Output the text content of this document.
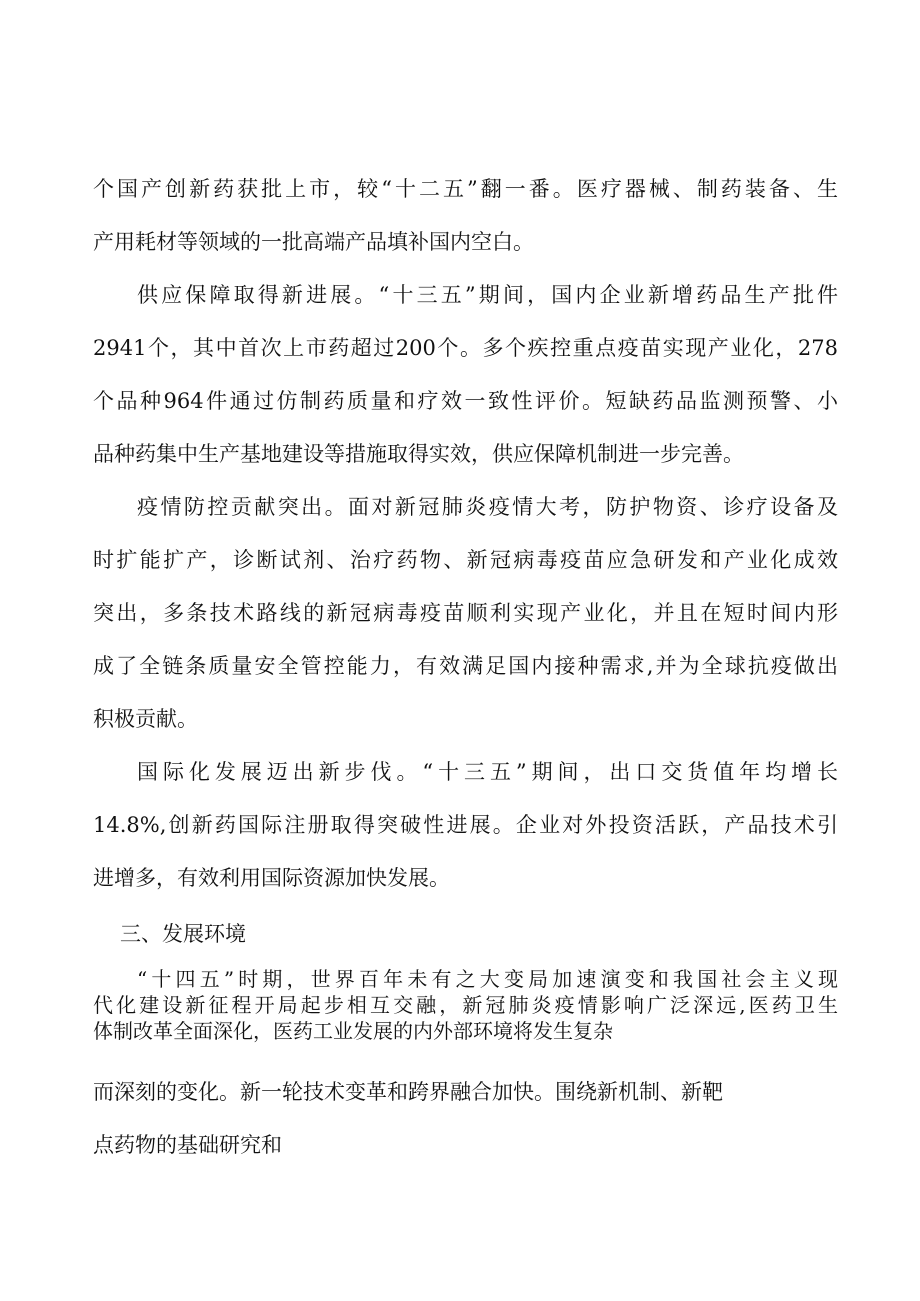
个国产创新药获批上市，较“十二五”翻一番。医疗器械、制药装备、生
产用耗材等领域的一批高端产品填补国内空白。
供应保障取得新进展。“十三五”期间，国内企业新增药品生产批件
2941个，其中首次上市药超过200个。多个疾控重点疫苗实现产业化，278
个品种964件通过仿制药质量和疗效一致性评价。短缺药品监测预警、小
品种药集中生产基地建设等措施取得实效，供应保障机制进一步完善。
疫情防控贡献突出。面对新冠肺炎疫情大考，防护物资、诊疗设备及
时扩能扩产，诊断试剂、治疗药物、新冠病毒疫苗应急研发和产业化成效
突出，多条技术路线的新冠病毒疫苗顺利实现产业化，并且在短时间内形
成了全链条质量安全管控能力，有效满足国内接种需求,并为全球抗疫做出
积极贡献。
国际化发展迈出新步伐。“十三五”期间，出口交货值年均增长
14.8%,创新药国际注册取得突破性进展。企业对外投资活跃，产品技术引
进增多，有效利用国际资源加快发展。
三、发展环境
“十四五”时期，世界百年未有之大变局加速演变和我国社会主义现
代化建设新征程开局起步相互交融，新冠肺炎疫情影响广泛深远,医药卫生
体制改革全面深化，医药工业发展的内外部环境将发生复杂
而深刻的变化。新一轮技术变革和跨界融合加快。围绕新机制、新靶
点药物的基础研究和
